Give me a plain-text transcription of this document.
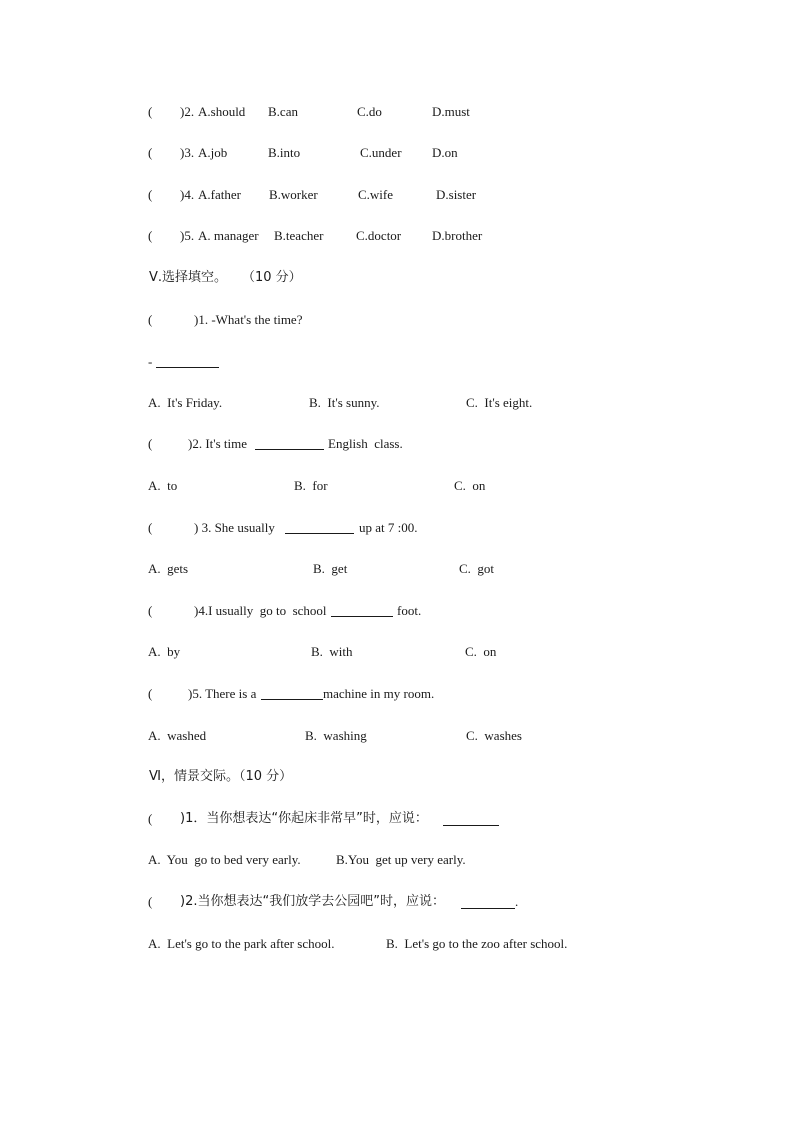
( )2. A.should B.can	C.do	D.must
( )3. A.job	B.into	C.under D.on
( )4. A.father B.worker	C.wife	D.sister
( )5. A. manager B.teacher	C.doctor D.brother
Ⅴ.选择填空。 （10 分）
(	)1. -What's the time?
-
A.  It's Friday.	B.  It's sunny.	C.  It's eight.
(	)2. It's time	English  class.
A.  to	B.  for	C.  on
(	) 3. She usually	up at 7 :00.
A.  gets	B.  get	C.  got
(	)4.I usually  go to  school	foot.
A.  by	B.  with	C.  on
(	)5. There is a	machine in my room.
A.  washed	B.  washing	C.  washes
Ⅵ，情景交际。（10 分）
( )1．当你想表达“你起床非常早”时，应说：
A.  You  go to bed very early.	B.You  get up very early.
( )2.当你想表达“我们放学去公园吧”时，应说：	.
A.  Let's go to the park after school.	B.  Let's go to the zoo after school.
